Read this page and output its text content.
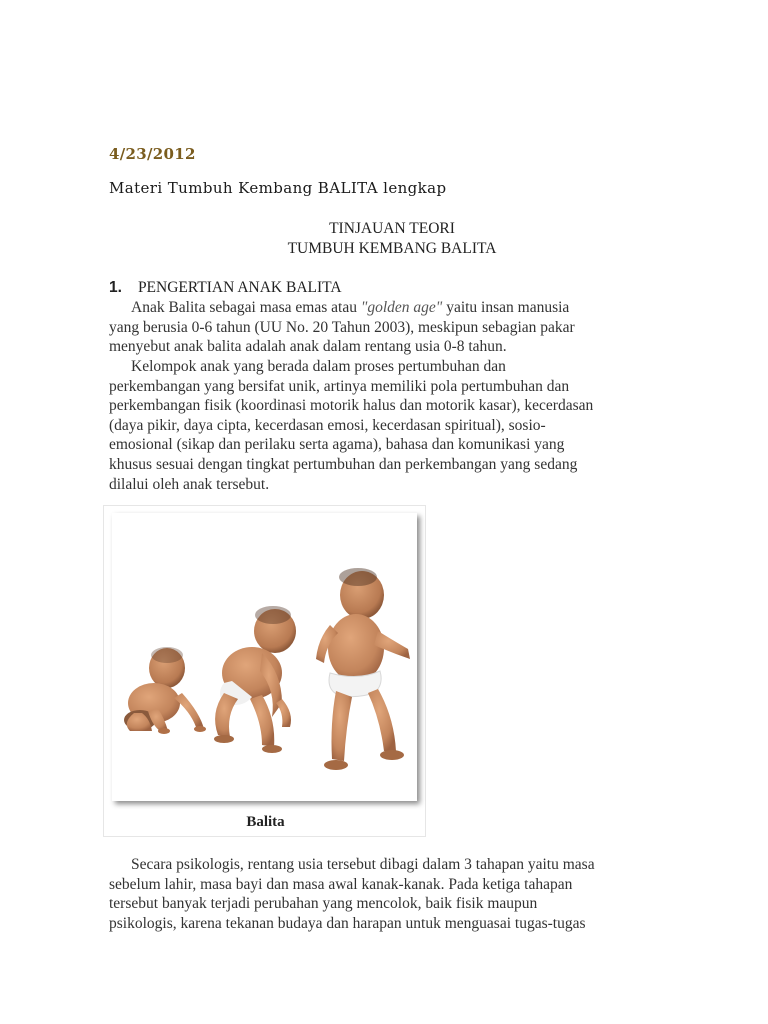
4/23/2012
Materi Tumbuh Kembang BALITA lengkap
TINJAUAN TEORI
TUMBUH KEMBANG BALITA
1. PENGERTIAN ANAK BALITA
Anak Balita sebagai masa emas atau "golden age" yaitu insan manusia
yang berusia 0-6 tahun (UU No. 20 Tahun 2003), meskipun sebagian pakar
menyebut anak balita adalah anak dalam rentang usia 0-8 tahun.
Kelompok anak yang berada dalam proses pertumbuhan dan
perkembangan yang bersifat unik, artinya memiliki pola pertumbuhan dan
perkembangan fisik (koordinasi motorik halus dan motorik kasar), kecerdasan
(daya pikir, daya cipta, kecerdasan emosi, kecerdasan spiritual), sosio-
emosional (sikap dan perilaku serta agama), bahasa dan komunikasi yang
khusus sesuai dengan tingkat pertumbuhan dan perkembangan yang sedang
dilalui oleh anak tersebut.
Balita
Secara psikologis, rentang usia tersebut dibagi dalam 3 tahapan yaitu masa
sebelum lahir, masa bayi dan masa awal kanak-kanak. Pada ketiga tahapan
tersebut banyak terjadi perubahan yang mencolok, baik fisik maupun
psikologis, karena tekanan budaya dan harapan untuk menguasai tugas-tugas
